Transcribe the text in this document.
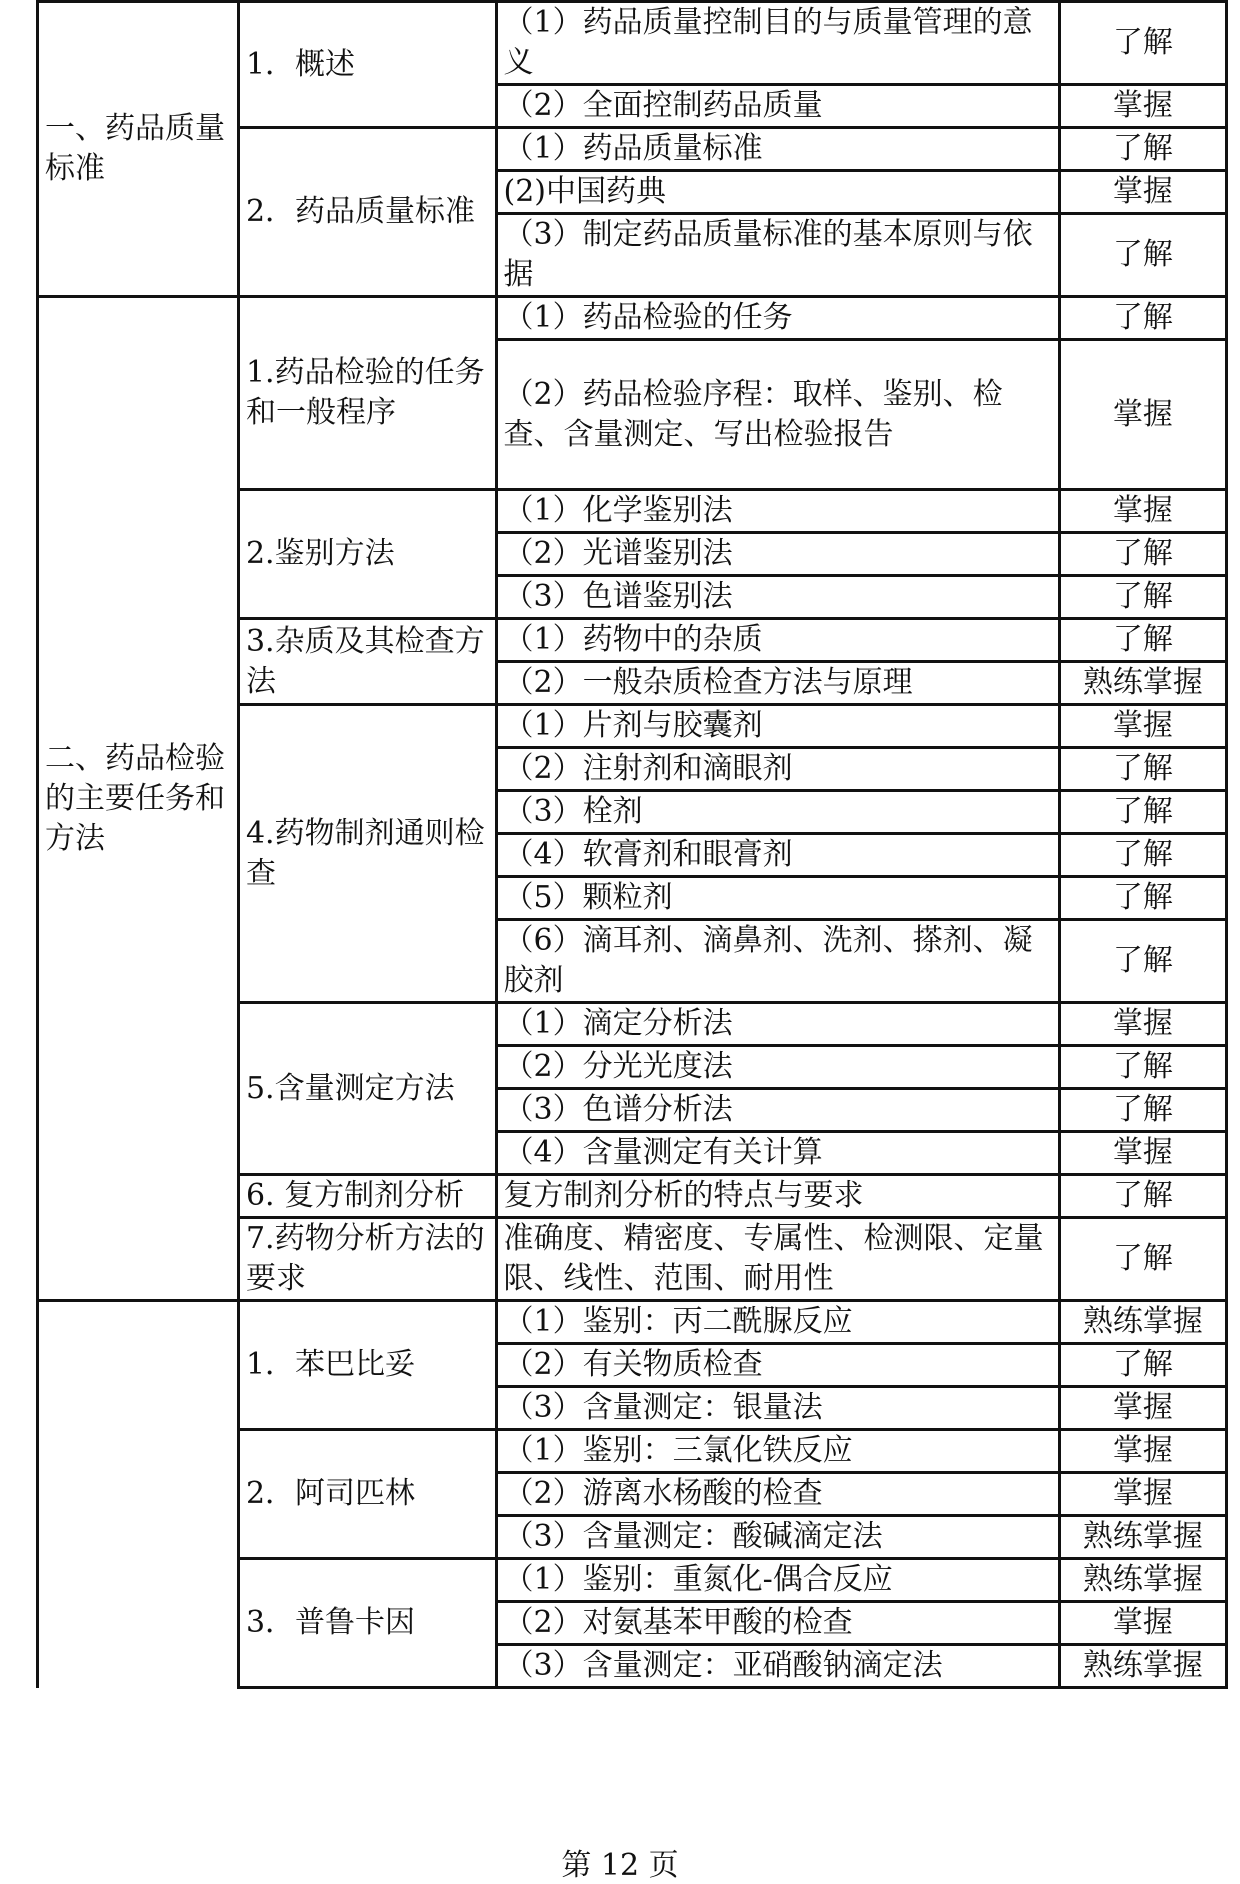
一、药品质量标准	1．概述	（1）药品质量控制目的与质量管理的意义	了解
		（2）全面控制药品质量	掌握
	2．药品质量标准	（1）药品质量标准	了解
		(2)中国药典	掌握
		（3）制定药品质量标准的基本原则与依据	了解
二、药品检验的主要任务和方法	1.药品检验的任务和一般程序	（1）药品检验的任务	了解
		（2）药品检验序程：取样、鉴别、检查、含量测定、写出检验报告	掌握
	2.鉴别方法	（1）化学鉴别法	掌握
		（2）光谱鉴别法	了解
		（3）色谱鉴别法	了解
	3.杂质及其检查方法	（1）药物中的杂质	了解
		（2）一般杂质检查方法与原理	熟练掌握
	4.药物制剂通则检查	（1）片剂与胶囊剂	掌握
		（2）注射剂和滴眼剂	了解
		（3）栓剂	了解
		（4）软膏剂和眼膏剂	了解
		（5）颗粒剂	了解
		（6）滴耳剂、滴鼻剂、洗剂、搽剂、凝胶剂	了解
	5.含量测定方法	（1）滴定分析法	掌握
		（2）分光光度法	了解
		（3）色谱分析法	了解
		（4）含量测定有关计算	掌握
	6. 复方制剂分析	复方制剂分析的特点与要求	了解
	7.药物分析方法的要求	准确度、精密度、专属性、检测限、定量限、线性、范围、耐用性	了解
	1．苯巴比妥	（1）鉴别：丙二酰脲反应	熟练掌握
		（2）有关物质检查	了解
		（3）含量测定：银量法	掌握
	2．阿司匹林	（1）鉴别：三氯化铁反应	掌握
		（2）游离水杨酸的检查	掌握
		（3）含量测定：酸碱滴定法	熟练掌握
	3．普鲁卡因	（1）鉴别：重氮化-偶合反应	熟练掌握
		（2）对氨基苯甲酸的检查	掌握
		（3）含量测定：亚硝酸钠滴定法	熟练掌握
第 12 页
